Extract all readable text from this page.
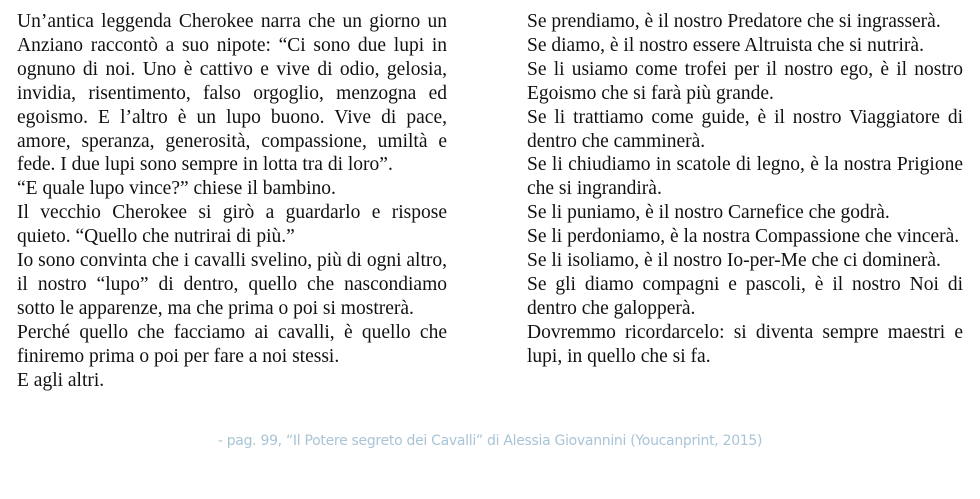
Un’antica leggenda Cherokee narra che un giorno un Anziano raccontò a suo nipote: “Ci sono due lupi in ognuno di noi. Uno è cattivo e vive di odio, gelosia, invidia, risentimento, falso orgoglio, menzogna ed egoismo. E l’altro è un lupo buono. Vive di pace, amore, speranza, generosità, compassione, umiltà e fede. I due lupi sono sempre in lotta tra di loro”.

“E quale lupo vince?” chiese il bambino.

Il vecchio Cherokee si girò a guardarlo e rispose quieto. “Quello che nutrirai di più.”

Io sono convinta che i cavalli svelino, più di ogni altro, il nostro “lupo” di dentro, quello che nascondiamo sotto le apparenze, ma che prima o poi si mostrerà.

Perché quello che facciamo ai cavalli, è quello che finiremo prima o poi per fare a noi stessi.

E agli altri.

Se prendiamo, è il nostro Predatore che si ingrasserà.

Se diamo, è il nostro essere Altruista che si nutrirà.

Se li usiamo come trofei per il nostro ego, è il nostro Egoismo che si farà più grande.

Se li trattiamo come guide, è il nostro Viaggiatore di dentro che camminerà.

Se li chiudiamo in scatole di legno, è la nostra Prigione che si ingrandirà.

Se li puniamo, è il nostro Carnefice che godrà.

Se li perdoniamo, è la nostra Compassione che vincerà.

Se li isoliamo, è il nostro Io-per-Me che ci dominerà.

Se gli diamo compagni e pascoli, è il nostro Noi di dentro che galopperà.

Dovremmo ricordarcelo: si diventa sempre maestri e lupi, in quello che si fa.

- pag. 99, “Il Potere segreto dei Cavalli” di Alessia Giovannini (Youcanprint, 2015)
